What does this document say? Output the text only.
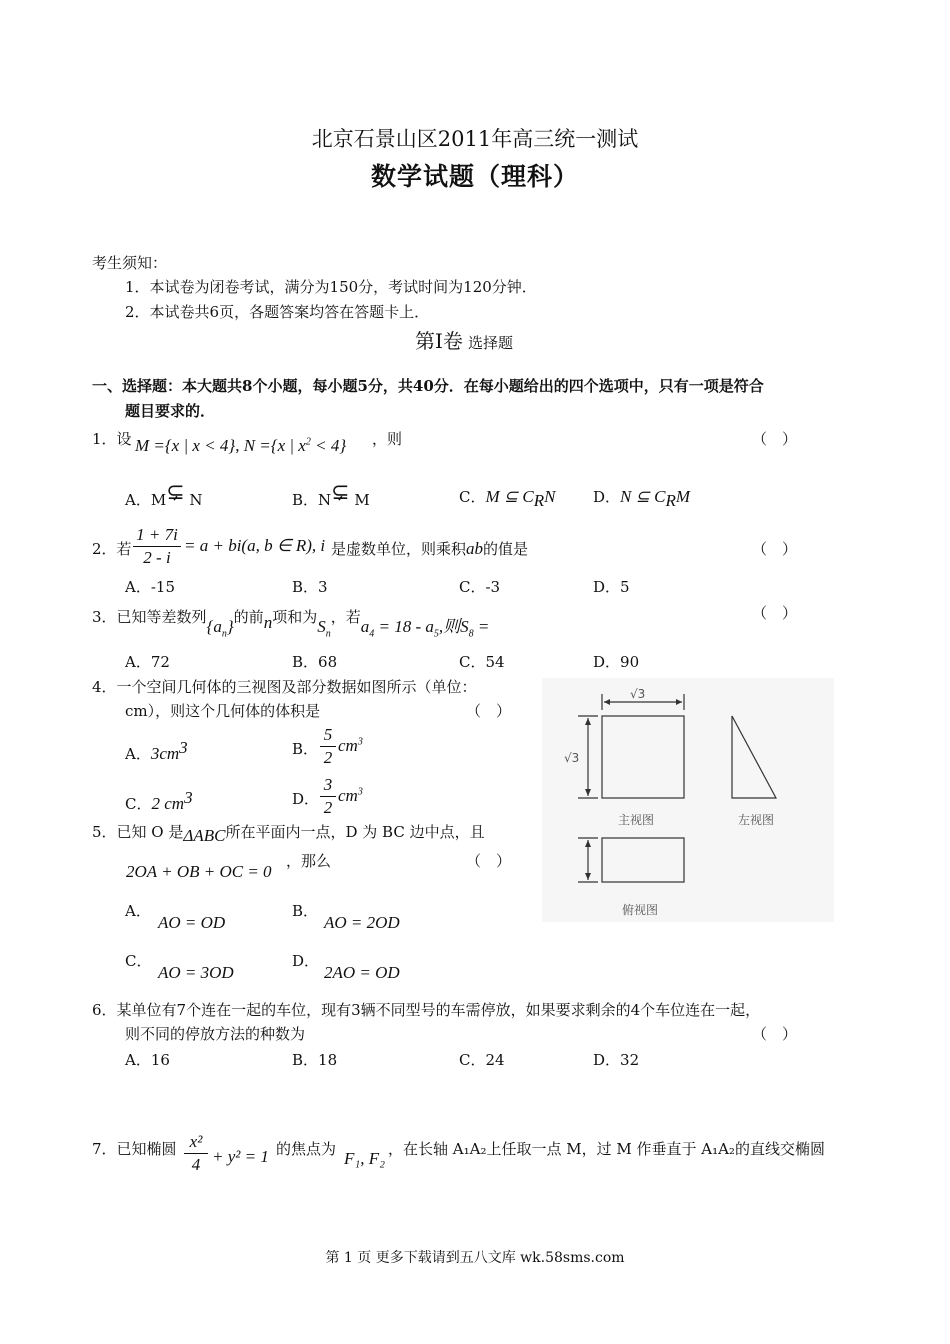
北京石景山区2011年高三统一测试
数学试题（理科）
考生须知：
1．本试卷为闭卷考试，满分为150分，考试时间为120分钟．
2．本试卷共6页，各题答案均答在答题卡上．
第Ⅰ卷 选择题
一、选择题：本大题共8个小题，每小题5分，共40分．在每小题给出的四个选项中，只有一项是符合
题目要求的．
1．设 M ={x | x < 4}, N ={x | $x^2 < 4$} ，则	（　）
A．M⊊ N	B．N⊊ M	C．M ⊆ $C_RN$	D．N ⊆ $C_RM$
2．若
1 + 7i
2 - i
= a + bi(a, b ∈ R), i 是虚数单位，则乘积ab的值是	（　）
A．-15	B．3	C．-3	D．5
3．已知等差数列$\{a_n\}$的前n项和为$S_n$，若$a_4 = 18 - a_5$,则$S_8$ =
（　）
A．72	B．68	C．54	D．90
4．一个空间几何体的三视图及部分数据如图所示（单位：
cm），则这个几何体的体积是	（　）
A．$3cm^3$	B．
5
2
$cm^3$
C．2 $cm^3$	D．
3
2
$cm^3$
√3
√3
主视图	左视图
俯视图
5．已知 O 是ΔABC所在平面内一点，D 为 BC 边中点，且
2OA + OB + OC = 0
，那么	（　）
A．
AO = OD
B．
AO = 2OD
C．
AO = 3OD
D．
2AO = OD
6．某单位有7个连在一起的车位，现有3辆不同型号的车需停放，如果要求剩余的4个车位连在一起，
则不同的停放方法的种数为	（　）
A．16	B．18	C．24	D．32
7．已知椭圆 x²
4 + y² = 1 的焦点为 F₁, F₂ ，在长轴 A₁A₂上任取一点 M，过 M 作垂直于 A₁A₂的直线交椭圆
第 1 页 更多下载请到五八文库 wk.58sms.com
